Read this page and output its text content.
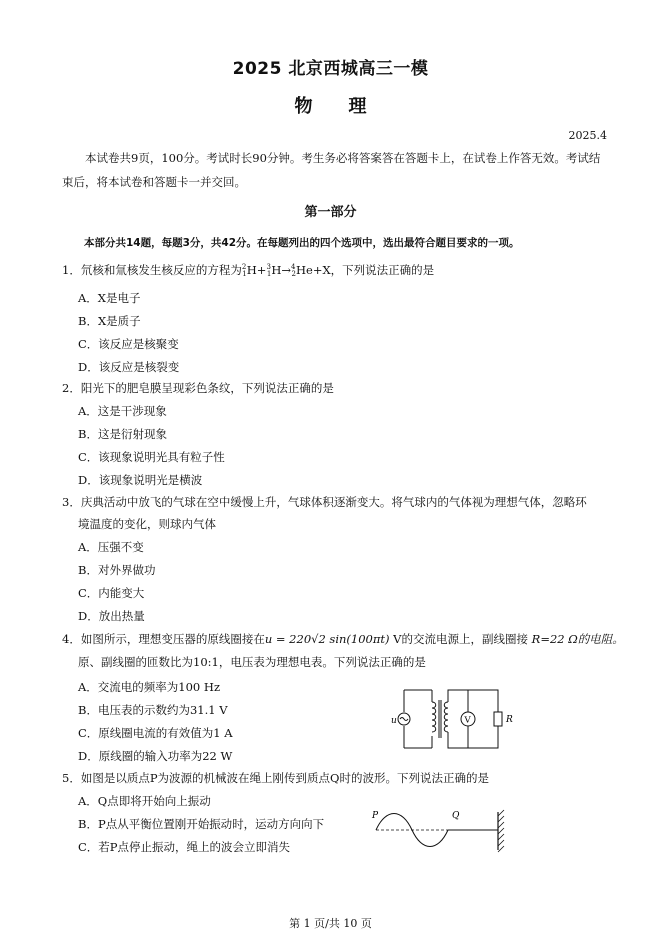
2025 北京西城高三一模
物理
2025.4
本试卷共9页，100分。考试时长90分钟。考生务必将答案答在答题卡上，在试卷上作答无效。考试结束后，将本试卷和答题卡一并交回。
第一部分
本部分共14题，每题3分，共42分。在每题列出的四个选项中，选出最符合题目要求的一项。
1．氘核和氚核发生核反应的方程为$^2_1$H+$^3_1$H→$^4_2$He+X，下列说法正确的是
A．X是电子
B．X是质子
C．该反应是核聚变
D．该反应是核裂变
2．阳光下的肥皂膜呈现彩色条纹，下列说法正确的是
A．这是干涉现象
B．这是衍射现象
C．该现象说明光具有粒子性
D．该现象说明光是横波
3．庆典活动中放飞的气球在空中缓慢上升，气球体积逐渐变大。将气球内的气体视为理想气体，忽略环
境温度的变化，则球内气体
A．压强不变
B．对外界做功
C．内能变大
D．放出热量
4．如图所示，理想变压器的原线圈接在u = 220√2 sin(100πt) V的交流电源上，副线圈接 R=22 Ω的电阻。
原、副线圈的匝数比为10:1，电压表为理想电表。下列说法正确的是
A．交流电的频率为100 Hz
B．电压表的示数约为31.1 V
C．原线圈电流的有效值为1 A
D．原线圈的输入功率为22 W
u	V	R
5．如图是以质点P为波源的机械波在绳上刚传到质点Q时的波形。下列说法正确的是
A．Q点即将开始向上振动
B．P点从平衡位置刚开始振动时，运动方向向下
C．若P点停止振动，绳上的波会立即消失
P	Q
第 1 页/共 10 页
